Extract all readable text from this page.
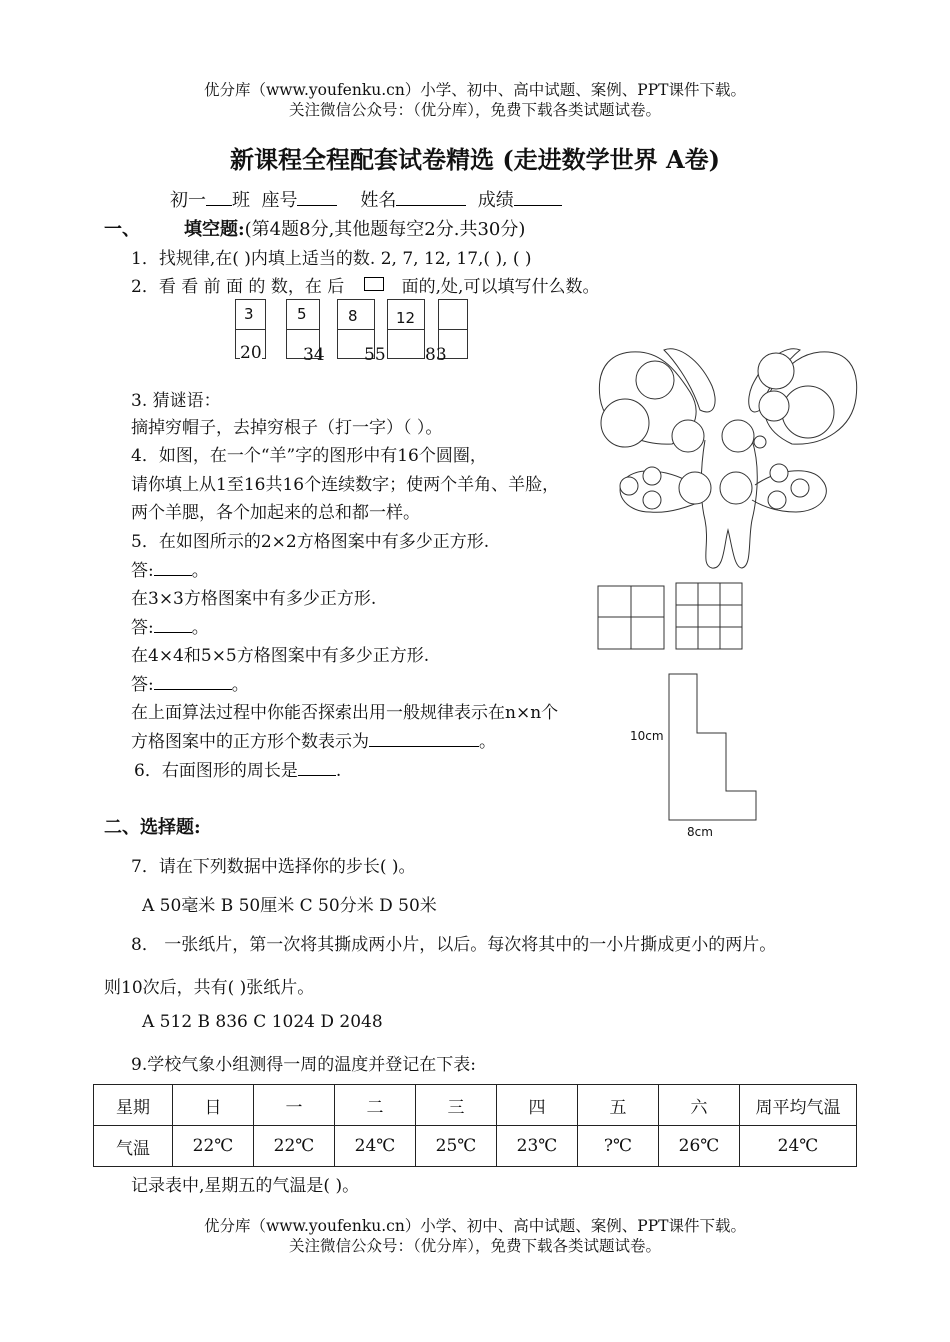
优分库（www.youfenku.cn）小学、初中、高中试题、案例、PPT课件下载。
关注微信公众号：（优分库），免费下载各类试题试卷。
新课程全程配套试卷精选 (走进数学世界 A卷)
初一 班 座号	姓名	成绩
一、 填空题:(第4题8分,其他题每空2分.共30分)
1．找规律,在( )内填上适当的数. 2, 7, 12, 17,( ), ( )
2．看 看 前 面 的 数，在 后	面的,处,可以填写什么数。
3	5	8	12
20 34 55 83
3. 猜谜语：
摘掉穷帽子，去掉穷根子（打一字）（ ）。
4．如图，在一个“羊”字的图形中有16个圆圈，
请你填上从1至16共16个连续数字；使两个羊角、羊脸，
两个羊腮，各个加起来的总和都一样。
5．在如图所示的2×2方格图案中有多少正方形.
答: 。
在3×3方格图案中有多少正方形.
答: 。
在4×4和5×5方格图案中有多少正方形.
答:	。
在上面算法过程中你能否探索出用一般规律表示在n×n个
方格图案中的正方形个数表示为	。
6．右面图形的周长是 .
二、选择题:
7．请在下列数据中选择你的步长( )。
A 50毫米 B 50厘米 C 50分米 D 50米
8． 一张纸片，第一次将其撕成两小片，以后。每次将其中的一小片撕成更小的两片。
则10次后，共有( )张纸片。
A 512 B 836 C 1024 D 2048
9.学校气象小组测得一周的温度并登记在下表:
星期	日	一	二	三	四	五	六	周平均气温
气温	22℃	22℃	24℃	25℃	23℃	?℃	26℃	24℃
记录表中,星期五的气温是( )。
优分库（www.youfenku.cn）小学、初中、高中试题、案例、PPT课件下载。
关注微信公众号：（优分库），免费下载各类试题试卷。
10cm
8cm
